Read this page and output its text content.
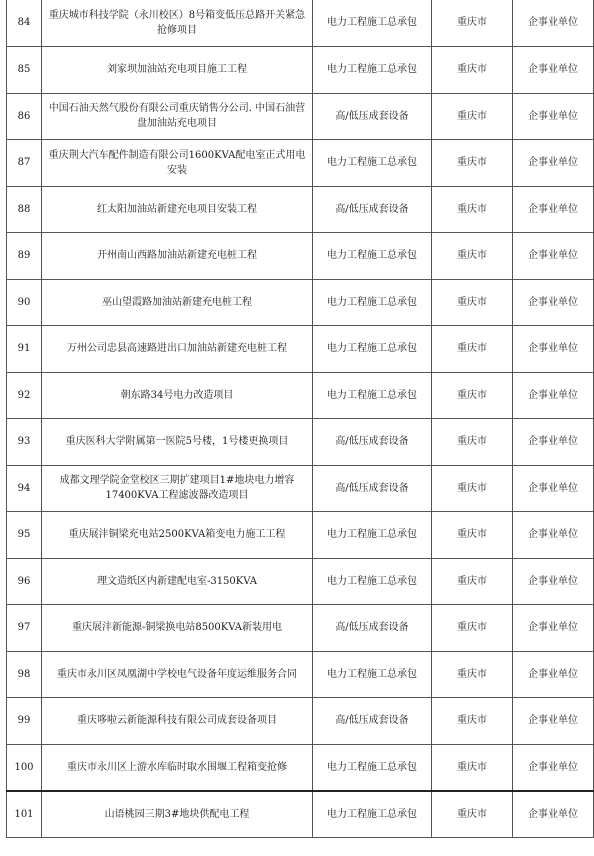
84	重庆城市科技学院（永川校区）8号箱变低压总路开关紧急抢修项目	电力工程施工总承包	重庆市	企事业单位
85	刘家坝加油站充电项目施工工程	电力工程施工总承包	重庆市	企事业单位
86	中国石油天然气股份有限公司重庆销售分公司. 中国石油营盘加油站充电项目	高/低压成套设备	重庆市	企事业单位
87	重庆荆大汽车配件制造有限公司1600KVA配电室正式用电安装	电力工程施工总承包	重庆市	企事业单位
88	红太阳加油站新建充电项目安装工程	高/低压成套设备	重庆市	企事业单位
89	开州南山西路加油站新建充电桩工程	电力工程施工总承包	重庆市	企事业单位
90	巫山望霞路加油站新建充电桩工程	电力工程施工总承包	重庆市	企事业单位
91	万州公司忠县高速路进出口加油站新建充电桩工程	电力工程施工总承包	重庆市	企事业单位
92	朝东路34号电力改造项目	电力工程施工总承包	重庆市	企事业单位
93	重庆医科大学附属第一医院5号楼，1号楼更换项目	高/低压成套设备	重庆市	企事业单位
94	成都文理学院金堂校区三期扩建项目1#地块电力增容17400KVA工程滤波器改造项目	高/低压成套设备	重庆市	企事业单位
95	重庆展沣铜梁充电站2500KVA箱变电力施工工程	电力工程施工总承包	重庆市	企事业单位
96	理文造纸区内新建配电室-3150KVA	电力工程施工总承包	重庆市	企事业单位
97	重庆展沣新能源-铜梁换电站8500KVA新装用电	高/低压成套设备	重庆市	企事业单位
98	重庆市永川区凤凰湖中学校电气设备年度运维服务合同	电力工程施工总承包	重庆市	企事业单位
99	重庆哆啦云新能源科技有限公司成套设备项目	高/低压成套设备	重庆市	企事业单位
100	重庆市永川区上游水库临时取水围堰工程箱变抢修	电力工程施工总承包	重庆市	企事业单位
101	山语桃园三期3#地块供配电工程	电力工程施工总承包	重庆市	企事业单位
